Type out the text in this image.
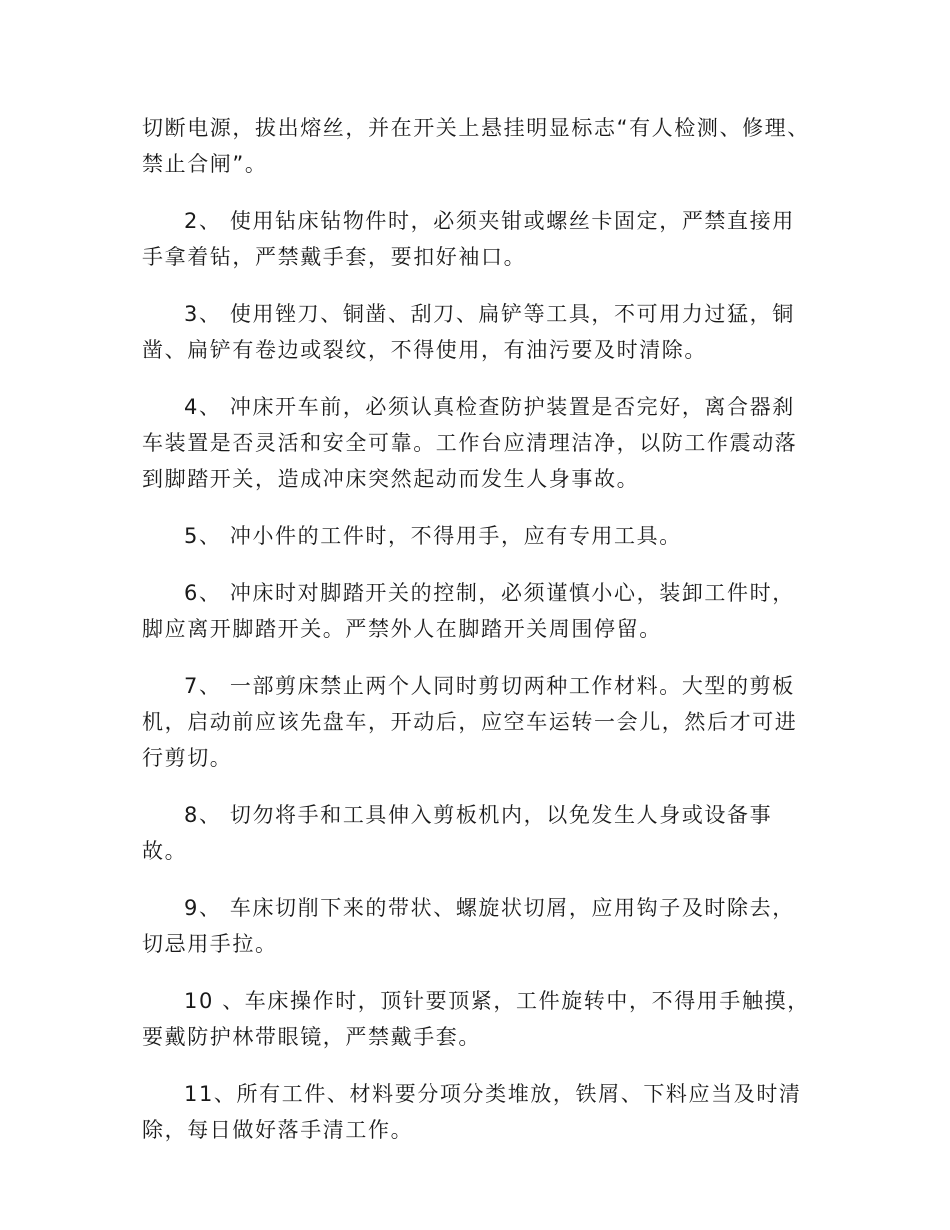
切断电源，拔出熔丝，并在开关上悬挂明显标志“有人检测、修理、禁止合闸”。

2、 使用钻床钻物件时，必须夹钳或螺丝卡固定，严禁直接用手拿着钻，严禁戴手套，要扣好袖口。

3、 使用锉刀、铜凿、刮刀、扁铲等工具，不可用力过猛，铜凿、扁铲有卷边或裂纹，不得使用，有油污要及时清除。

4、 冲床开车前，必须认真检查防护装置是否完好，离合器刹车装置是否灵活和安全可靠。工作台应清理洁净，以防工作震动落到脚踏开关，造成冲床突然起动而发生人身事故。

5、 冲小件的工件时，不得用手，应有专用工具。

6、 冲床时对脚踏开关的控制，必须谨慎小心，装卸工件时，脚应离开脚踏开关。严禁外人在脚踏开关周围停留。

7、 一部剪床禁止两个人同时剪切两种工作材料。大型的剪板机，启动前应该先盘车，开动后，应空车运转一会儿，然后才可进行剪切。

8、 切勿将手和工具伸入剪板机内，以免发生人身或设备事故。

9、 车床切削下来的带状、螺旋状切屑，应用钩子及时除去，切忌用手拉。

10 、车床操作时，顶针要顶紧，工件旋转中，不得用手触摸，要戴防护林带眼镜，严禁戴手套。

11、所有工件、材料要分项分类堆放，铁屑、下料应当及时清除，每日做好落手清工作。
